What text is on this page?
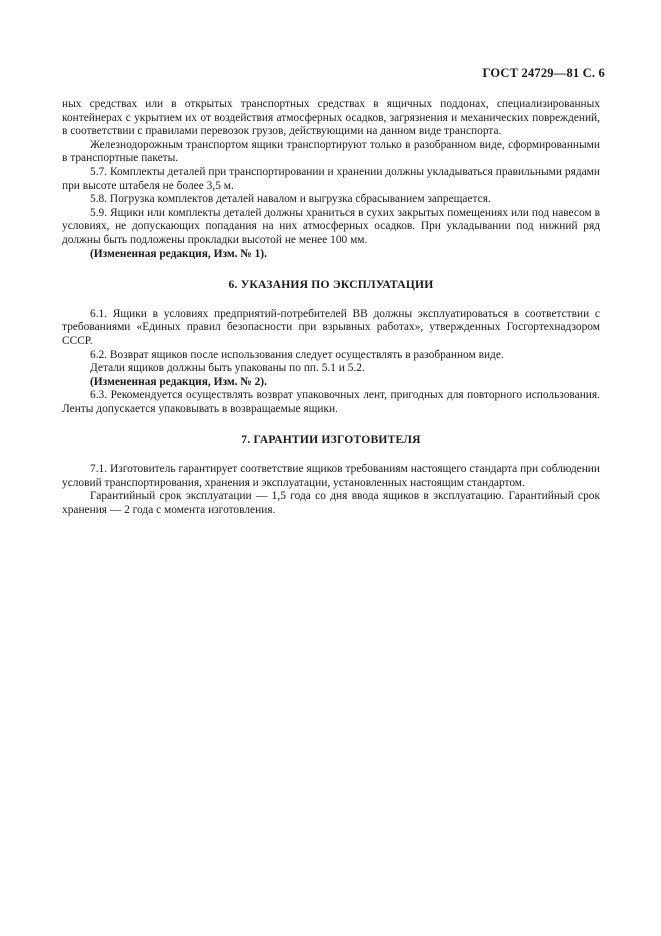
ГОСТ 24729—81 С. 6

ных средствах или в открытых транспортных средствах в ящичных поддонах, специализированных контейнерах с укрытием их от воздействия атмосферных осадков, загрязнения и механических повреждений, в соответствии с правилами перевозок грузов, действующими на данном виде транспорта.

Железнодорожным транспортом ящики транспортируют только в разобранном виде, сформированными в транспортные пакеты.

5.7. Комплекты деталей при транспортировании и хранении должны укладываться правильными рядами при высоте штабеля не более 3,5 м.

5.8. Погрузка комплектов деталей навалом и выгрузка сбрасыванием запрещается.

5.9. Ящики или комплекты деталей должны храниться в сухих закрытых помещениях или под навесом в условиях, не допускающих попадания на них атмосферных осадков. При укладывании под нижний ряд должны быть подложены прокладки высотой не менее 100 мм.

(Измененная редакция, Изм. № 1).

6. УКАЗАНИЯ ПО ЭКСПЛУАТАЦИИ

6.1. Ящики в условиях предприятий-потребителей ВВ должны эксплуатироваться в соответствии с требованиями «Единых правил безопасности при взрывных работах», утвержденных Госгортехнадзором СССР.

6.2. Возврат ящиков после использования следует осуществлять в разобранном виде.

Детали ящиков должны быть упакованы по пп. 5.1 и 5.2.

(Измененная редакция, Изм. № 2).

6.3. Рекомендуется осуществлять возврат упаковочных лент, пригодных для повторного использования. Ленты допускается упаковывать в возвращаемые ящики.

7. ГАРАНТИИ ИЗГОТОВИТЕЛЯ

7.1. Изготовитель гарантирует соответствие ящиков требованиям настоящего стандарта при соблюдении условий транспортирования, хранения и эксплуатации, установленных настоящим стандартом.

Гарантийный срок эксплуатации — 1,5 года со дня ввода ящиков в эксплуатацию. Гарантийный срок хранения — 2 года с момента изготовления.
